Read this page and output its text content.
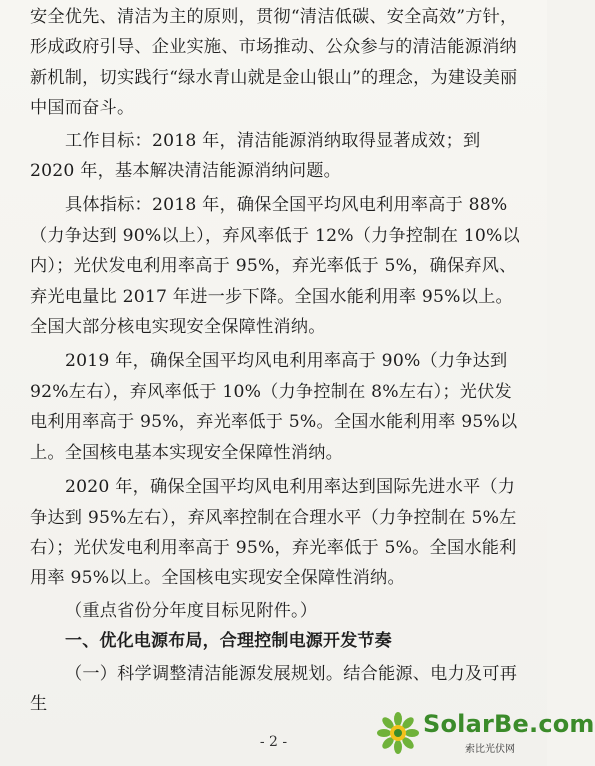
安全优先、清洁为主的原则，贯彻“清洁低碳、安全高效”方针，形成政府引导、企业实施、市场推动、公众参与的清洁能源消纳新机制，切实践行“绿水青山就是金山银山”的理念，为建设美丽中国而奋斗。

工作目标：2018 年，清洁能源消纳取得显著成效；到 2020 年，基本解决清洁能源消纳问题。

具体指标：2018 年，确保全国平均风电利用率高于 88%（力争达到 90%以上），弃风率低于 12%（力争控制在 10%以内）；光伏发电利用率高于 95%，弃光率低于 5%，确保弃风、弃光电量比 2017 年进一步下降。全国水能利用率 95%以上。全国大部分核电实现安全保障性消纳。

2019 年，确保全国平均风电利用率高于 90%（力争达到 92%左右），弃风率低于 10%（力争控制在 8%左右）；光伏发电利用率高于 95%，弃光率低于 5%。全国水能利用率 95%以上。全国核电基本实现安全保障性消纳。

2020 年，确保全国平均风电利用率达到国际先进水平（力争达到 95%左右），弃风率控制在合理水平（力争控制在 5%左右）；光伏发电利用率高于 95%，弃光率低于 5%。全国水能利用率 95%以上。全国核电实现安全保障性消纳。

（重点省份分年度目标见附件。）

一、优化电源布局，合理控制电源开发节奏

（一）科学调整清洁能源发展规划。结合能源、电力及可再生

- 2 -
SolarBe.com
索比光伏网
